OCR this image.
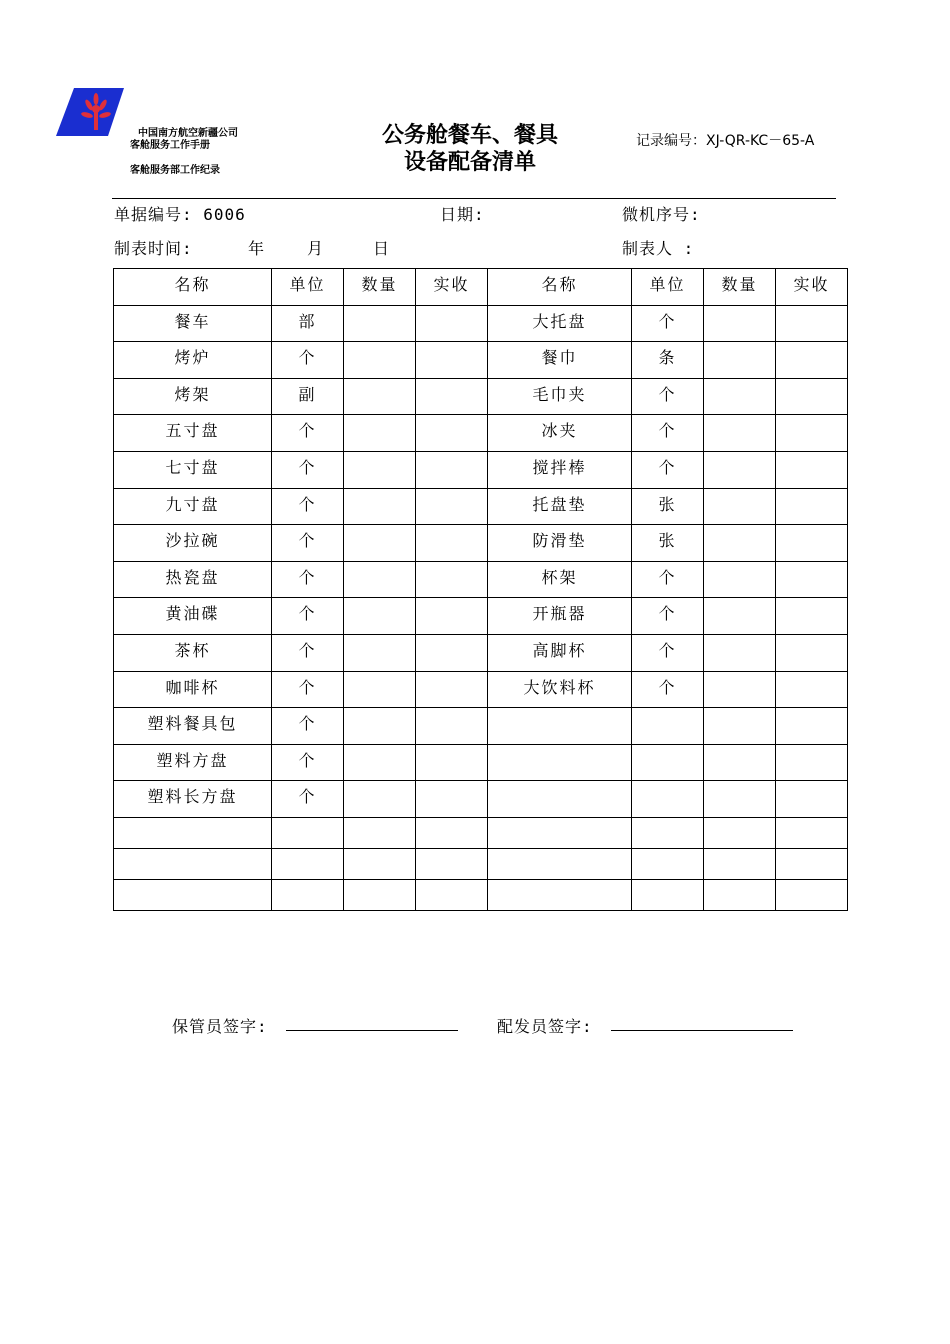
中国南方航空新疆公司
客舱服务工作手册
客舱服务部工作纪录
公务舱餐车、餐具
设备配备清单
记录编号：XJ-QR-KC－65-A
单据编号: 6006	日期:	微机序号:
制表时间:	年	月	日	制表人 :
名称	单位	数量	实收	名称	单位	数量	实收
餐车	部			大托盘	个		
烤炉	个			餐巾	条		
烤架	副			毛巾夹	个		
五寸盘	个			冰夹	个		
七寸盘	个			搅拌棒	个		
九寸盘	个			托盘垫	张		
沙拉碗	个			防滑垫	张		
热瓷盘	个			杯架	个		
黄油碟	个			开瓶器	个		
茶杯	个			高脚杯	个		
咖啡杯	个			大饮料杯	个		
塑料餐具包	个						
塑料方盘	个						
塑料长方盘	个						

保管员签字:	配发员签字:
